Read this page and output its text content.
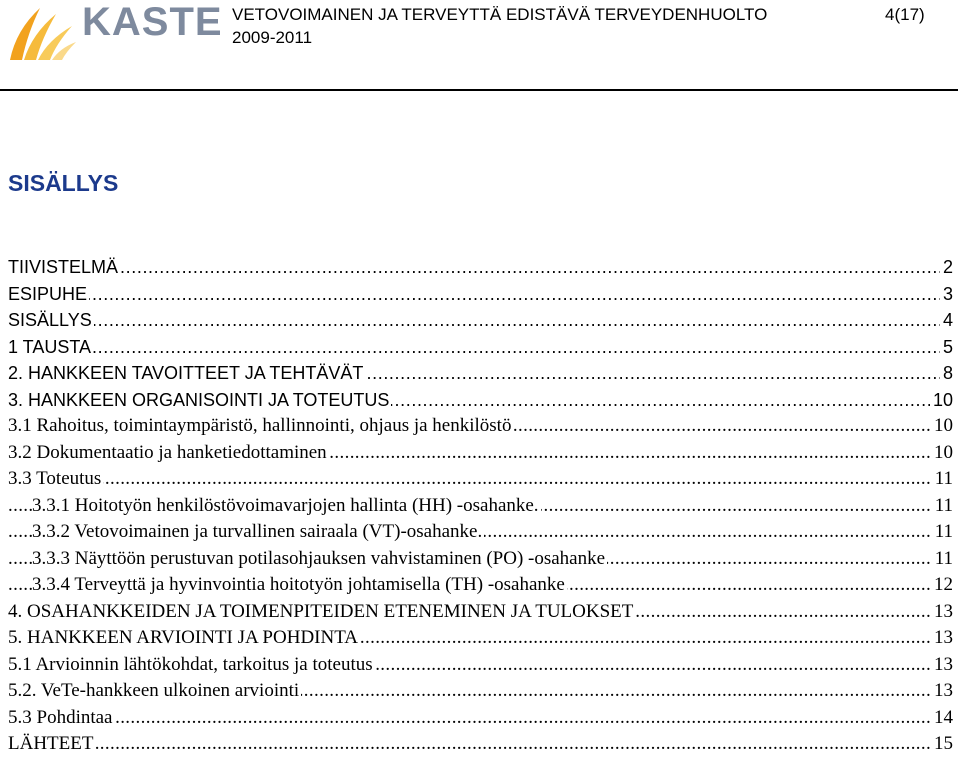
KASTE VETOVOIMAINEN JA TERVEYTTÄ EDISTÄVÄ TERVEYDENHUOLTO
2009-2011
4(17)
SISÄLLYS
. . .
TIIVISTELMÄ	2
. . .
ESIPUHE	3
. . .
SISÄLLYS	4
. . .
1 TAUSTA	5
. . .
2. HANKKEEN TAVOITTEET JA TEHTÄVÄT	8
. . .
3. HANKKEEN ORGANISOINTI JA TOTEUTUS	10
. . .
3.1 Rahoitus, toimintaympäristö, hallinnointi, ohjaus ja henkilöstö	10
. . .
3.2 Dokumentaatio ja hanketiedottaminen	10
. . .
3.3 Toteutus	11
. . .
3.3.1 Hoitotyön henkilöstövoimavarjojen hallinta (HH) -osahanke.	11
. . .
3.3.2 Vetovoimainen ja turvallinen sairaala (VT)-osahanke.	11
. . .
3.3.3 Näyttöön perustuvan potilasohjauksen vahvistaminen (PO) -osahanke	11
. . .
3.3.4 Terveyttä ja hyvinvointia hoitotyön johtamisella (TH) -osahanke	12
. . .
4. OSAHANKKEIDEN JA TOIMENPITEIDEN ETENEMINEN JA TULOKSET	13
. . .
5. HANKKEEN ARVIOINTI JA POHDINTA	13
. . .
5.1 Arvioinnin lähtökohdat, tarkoitus ja toteutus	13
. . .
5.2. VeTe-hankkeen ulkoinen arviointi	13
. . .
5.3 Pohdintaa	14
. . .
LÄHTEET	15
